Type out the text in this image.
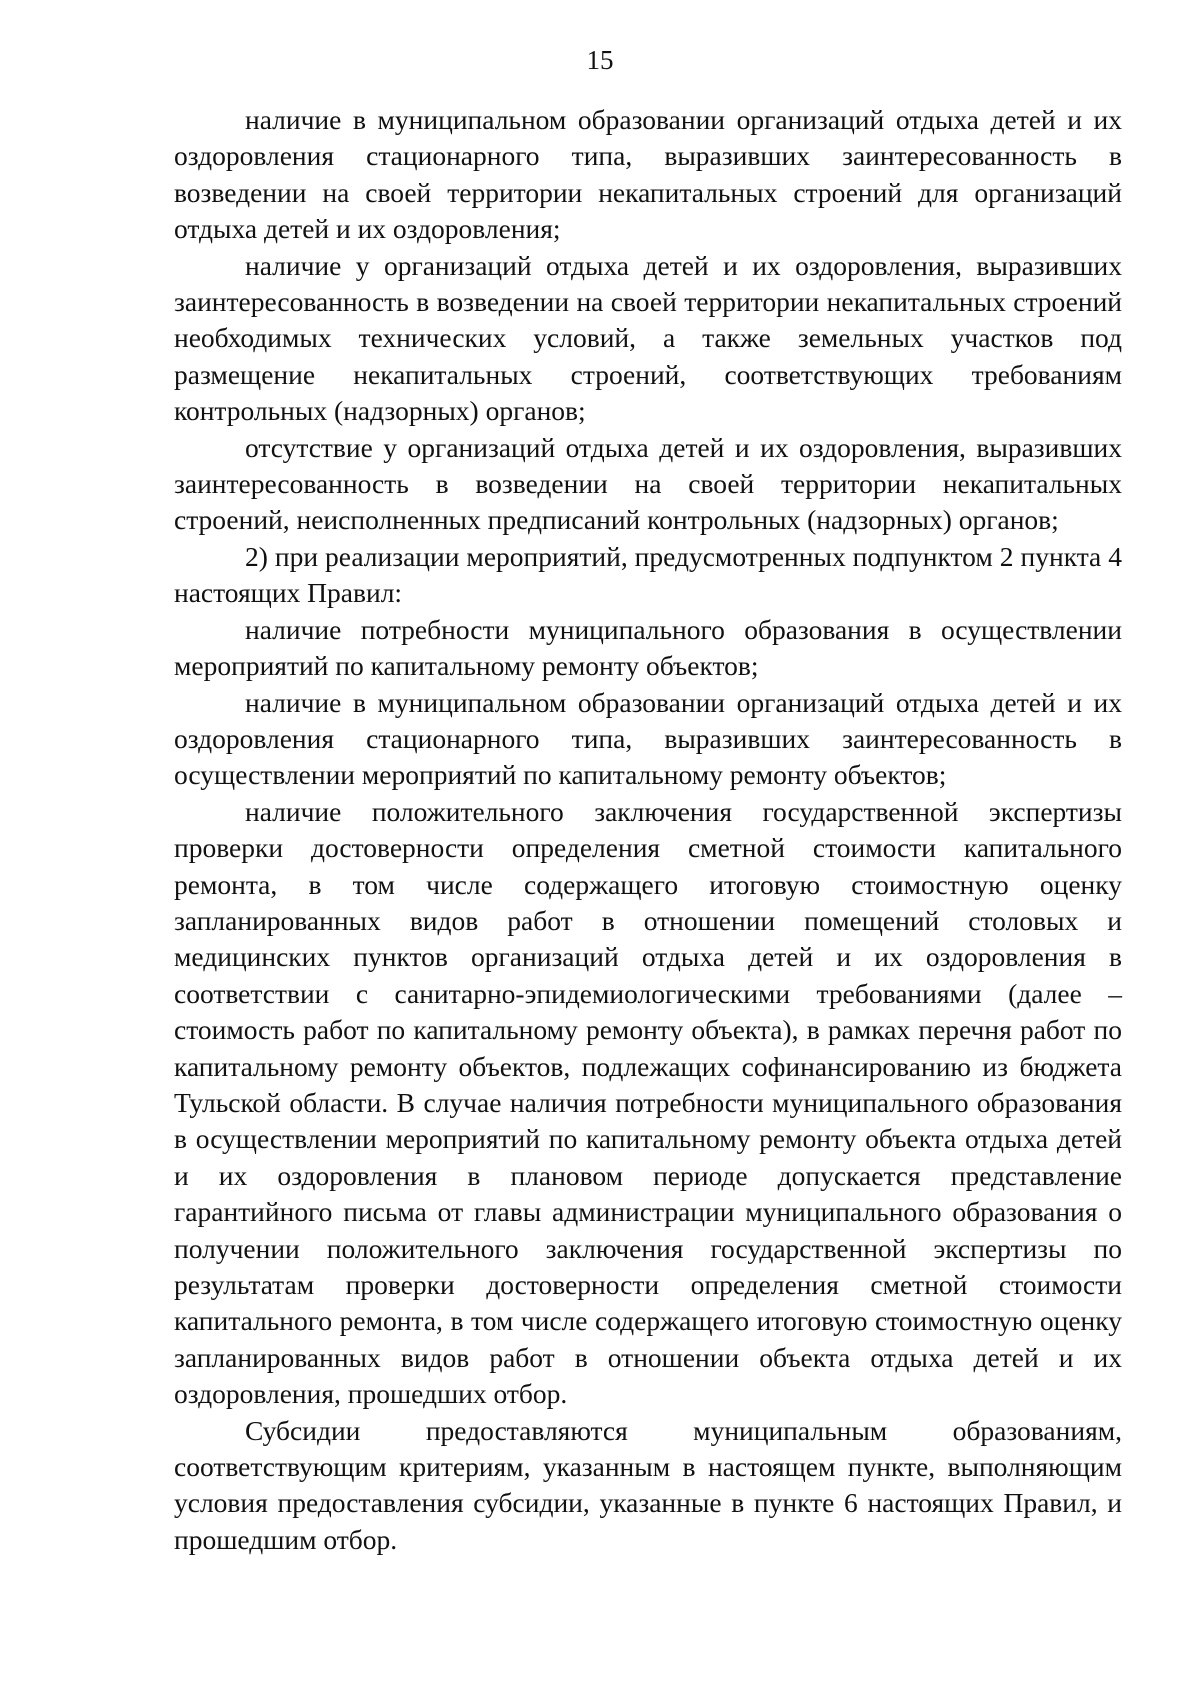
15

наличие в муниципальном образовании организаций отдыха детей и их оздоровления стационарного типа, выразивших заинтересованность в возведении на своей территории некапитальных строений для организаций отдыха детей и их оздоровления;

наличие у организаций отдыха детей и их оздоровления, выразивших заинтересованность в возведении на своей территории некапитальных строений необходимых технических условий, а также земельных участков под размещение некапитальных строений, соответствующих требованиям контрольных (надзорных) органов;

отсутствие у организаций отдыха детей и их оздоровления, выразивших заинтересованность в возведении на своей территории некапитальных строений, неисполненных предписаний контрольных (надзорных) органов;

2) при реализации мероприятий, предусмотренных подпунктом 2 пункта 4 настоящих Правил:

наличие потребности муниципального образования в осуществлении мероприятий по капитальному ремонту объектов;

наличие в муниципальном образовании организаций отдыха детей и их оздоровления стационарного типа, выразивших заинтересованность в осуществлении мероприятий по капитальному ремонту объектов;

наличие положительного заключения государственной экспертизы проверки достоверности определения сметной стоимости капитального ремонта, в том числе содержащего итоговую стоимостную оценку запланированных видов работ в отношении помещений столовых и медицинских пунктов организаций отдыха детей и их оздоровления в соответствии с санитарно-эпидемиологическими требованиями (далее – стоимость работ по капитальному ремонту объекта), в рамках перечня работ по капитальному ремонту объектов, подлежащих софинансированию из бюджета Тульской области. В случае наличия потребности муниципального образования в осуществлении мероприятий по капитальному ремонту объекта отдыха детей и их оздоровления в плановом периоде допускается представление гарантийного письма от главы администрации муниципального образования о получении положительного заключения государственной экспертизы по результатам проверки достоверности определения сметной стоимости капитального ремонта, в том числе содержащего итоговую стоимостную оценку запланированных видов работ в отношении объекта отдыха детей и их оздоровления, прошедших отбор.

Субсидии предоставляются муниципальным образованиям, соответствующим критериям, указанным в настоящем пункте, выполняющим условия предоставления субсидии, указанные в пункте 6 настоящих Правил, и прошедшим отбор.
